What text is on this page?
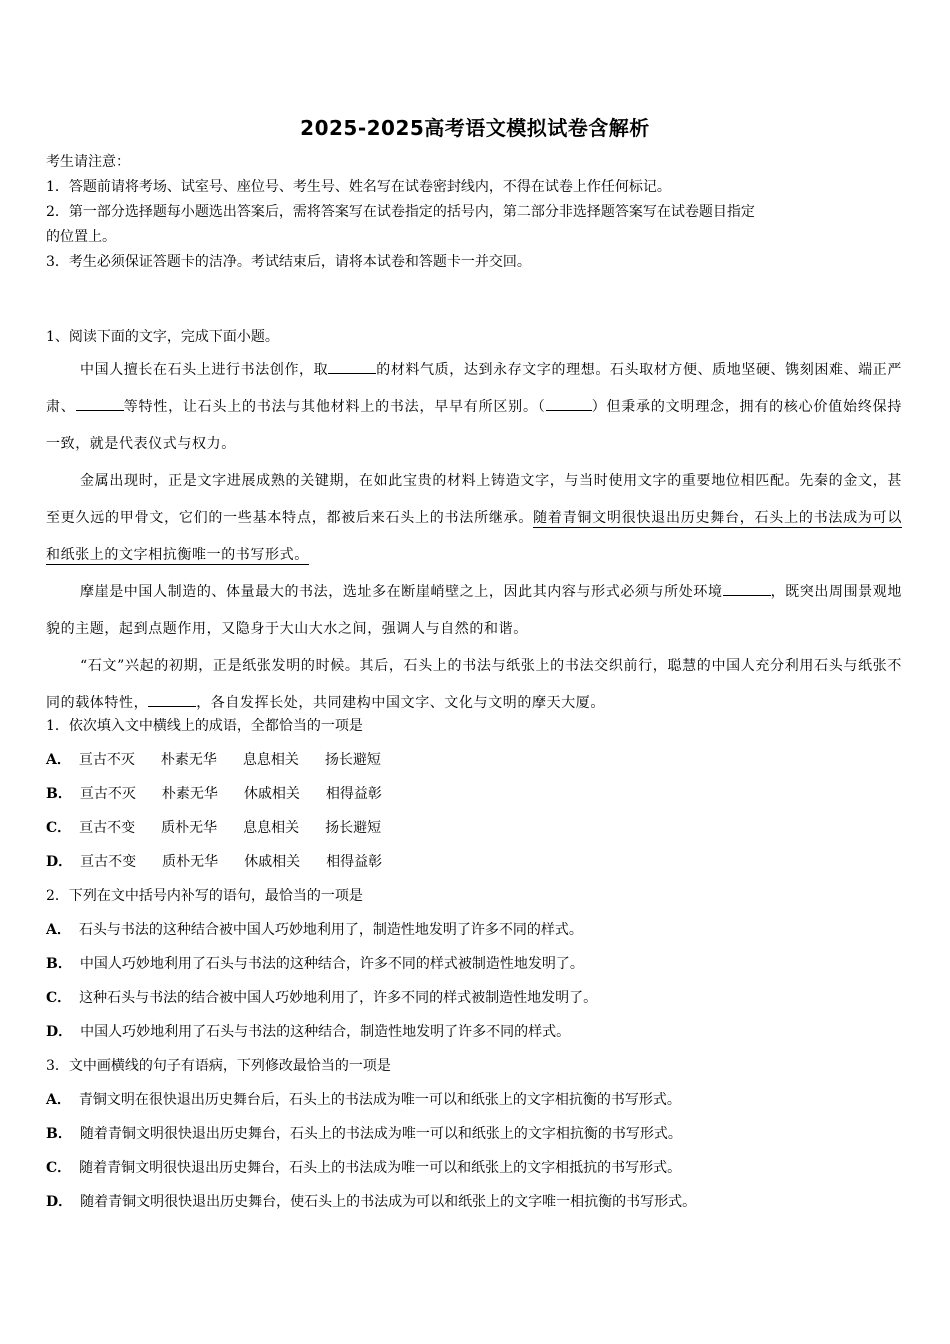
2025-2025高考语文模拟试卷含解析
考生请注意：
1．答题前请将考场、试室号、座位号、考生号、姓名写在试卷密封线内，不得在试卷上作任何标记。
2．第一部分选择题每小题选出答案后，需将答案写在试卷指定的括号内，第二部分非选择题答案写在试卷题目指定
的位置上。
3．考生必须保证答题卡的洁净。考试结束后，请将本试卷和答题卡一并交回。
1、阅读下面的文字，完成下面小题。

中国人擅长在石头上进行书法创作，取	的材料气质，达到永存文字的理想。石头取材方便、质地坚硬、镌刻困难、端正严肃、	等特性，让石头上的书法与其他材料上的书法，早早有所区别。（	）但秉承的文明理念，拥有的核心价值始终保持一致，就是代表仪式与权力。

金属出现时，正是文字进展成熟的关键期，在如此宝贵的材料上铸造文字，与当时使用文字的重要地位相匹配。先秦的金文，甚至更久远的甲骨文，它们的一些基本特点，都被后来石头上的书法所继承。随着青铜文明很快退出历史舞台，石头上的书法成为可以和纸张上的文字相抗衡唯一的书写形式。

摩崖是中国人制造的、体量最大的书法，选址多在断崖峭壁之上，因此其内容与形式必须与所处环境	，既突出周围景观地貌的主题，起到点题作用，又隐身于大山大水之间，强调人与自然的和谐。

“石文”兴起的初期，正是纸张发明的时候。其后，石头上的书法与纸张上的书法交织前行，聪慧的中国人充分利用石头与纸张不同的载体特性，	，各自发挥长处，共同建构中国文字、文化与文明的摩天大厦。

1．依次填入文中横线上的成语，全都恰当的一项是
A． 亘古不灭 朴素无华 息息相关 扬长避短
B． 亘古不灭 朴素无华 休戚相关 相得益彰
C． 亘古不变 质朴无华 息息相关 扬长避短
D． 亘古不变 质朴无华 休戚相关 相得益彰
2．下列在文中括号内补写的语句，最恰当的一项是
A． 石头与书法的这种结合被中国人巧妙地利用了，制造性地发明了许多不同的样式。
B． 中国人巧妙地利用了石头与书法的这种结合，许多不同的样式被制造性地发明了。
C． 这种石头与书法的结合被中国人巧妙地利用了，许多不同的样式被制造性地发明了。
D． 中国人巧妙地利用了石头与书法的这种结合，制造性地发明了许多不同的样式。
3．文中画横线的句子有语病，下列修改最恰当的一项是
A． 青铜文明在很快退出历史舞台后，石头上的书法成为唯一可以和纸张上的文字相抗衡的书写形式。
B． 随着青铜文明很快退出历史舞台，石头上的书法成为唯一可以和纸张上的文字相抗衡的书写形式。
C． 随着青铜文明很快退出历史舞台，石头上的书法成为唯一可以和纸张上的文字相抵抗的书写形式。
D． 随着青铜文明很快退出历史舞台，使石头上的书法成为可以和纸张上的文字唯一相抗衡的书写形式。
